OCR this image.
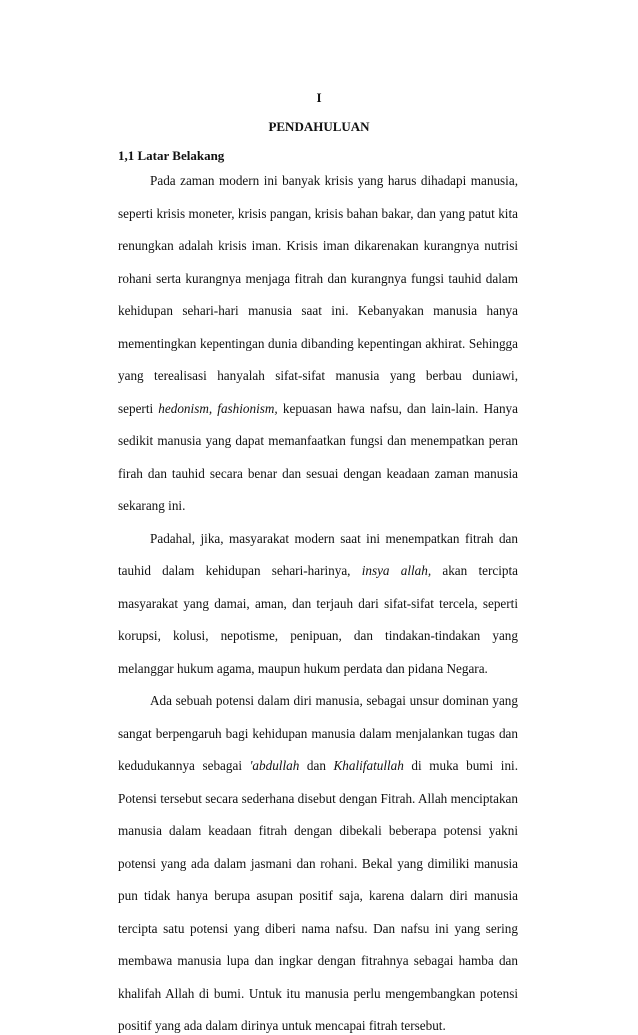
I
PENDAHULUAN
1,1 Latar Belakang
Pada zaman modern ini banyak krisis yang harus dihadapi manusia,
seperti krisis moneter, krisis pangan, krisis bahan bakar, dan yang patut kita
renungkan adalah krisis iman. Krisis iman dikarenakan kurangnya nutrisi
rohani serta kurangnya menjaga fitrah dan kurangnya fungsi tauhid dalam
kehidupan sehari-hari manusia saat ini. Kebanyakan manusia hanya
mementingkan kepentingan dunia dibanding kepentingan akhirat. Sehingga
yang terealisasi hanyalah sifat-sifat manusia yang berbau duniawi,
seperti hedonism, fashionism, kepuasan hawa nafsu, dan lain-lain. Hanya
sedikit manusia yang dapat memanfaatkan fungsi dan menempatkan peran
firah dan tauhid secara benar dan sesuai dengan keadaan zaman manusia
sekarang ini.
Padahal, jika, masyarakat modern saat ini menempatkan fitrah dan
tauhid dalam kehidupan sehari-harinya, insya allah, akan tercipta
masyarakat yang damai, aman, dan terjauh dari sifat-sifat tercela, seperti
korupsi, kolusi, nepotisme, penipuan, dan tindakan-tindakan yang
melanggar hukum agama, maupun hukum perdata dan pidana Negara.
Ada sebuah potensi dalam diri manusia, sebagai unsur dominan yang
sangat berpengaruh bagi kehidupan manusia dalam menjalankan tugas dan
kedudukannya sebagai 'abdullah dan Khalifatullah di muka bumi ini.
Potensi tersebut secara sederhana disebut dengan Fitrah. Allah menciptakan
manusia dalam keadaan fitrah dengan dibekali beberapa potensi yakni
potensi yang ada dalam jasmani dan rohani. Bekal yang dimiliki manusia
pun tidak hanya berupa asupan positif saja, karena dalarn diri manusia
tercipta satu potensi yang diberi nama nafsu. Dan nafsu ini yang sering
membawa manusia lupa dan ingkar dengan fitrahnya sebagai hamba dan
khalifah Allah di bumi. Untuk itu manusia perlu mengembangkan potensi
positif yang ada dalam dirinya untuk mencapai fitrah tersebut.
